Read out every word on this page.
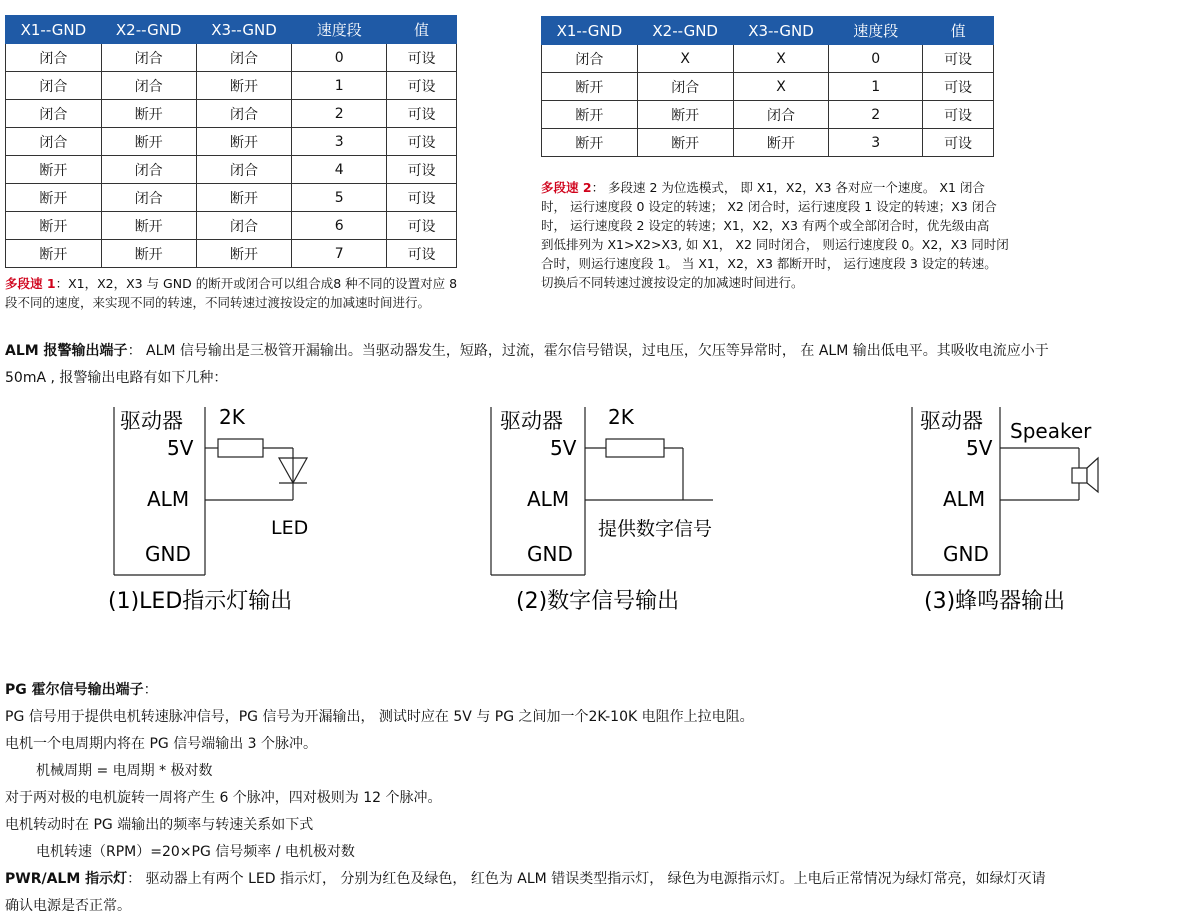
X1--GND	X2--GND	X3--GND	速度段	值
闭合	闭合	闭合	0	可设
闭合	闭合	断开	1	可设
闭合	断开	闭合	2	可设
闭合	断开	断开	3	可设
断开	闭合	闭合	4	可设
断开	闭合	断开	5	可设
断开	断开	闭合	6	可设
断开	断开	断开	7	可设
X1--GND	X2--GND	X3--GND	速度段	值
闭合	X	X	0	可设
断开	闭合	X	1	可设
断开	断开	闭合	2	可设
断开	断开	断开	3	可设
多段速 1：X1，X2，X3 与 GND 的断开或闭合可以组合成8 种不同的设置对应 8
段不同的速度，来实现不同的转速，不同转速过渡按设定的加减速时间进行。
多段速 2： 多段速 2 为位选模式， 即 X1，X2，X3 各对应一个速度。 X1 闭合
时， 运行速度段 0 设定的转速； X2 闭合时，运行速度段 1 设定的转速；X3 闭合
时， 运行速度段 2 设定的转速；X1，X2，X3 有两个或全部闭合时，优先级由高
到低排列为 X1>X2>X3, 如 X1， X2 同时闭合， 则运行速度段 0。X2，X3 同时闭
合时，则运行速度段 1。 当 X1，X2，X3 都断开时， 运行速度段 3 设定的转速。
切换后不同转速过渡按设定的加减速时间进行。
ALM 报警输出端子： ALM 信号输出是三极管开漏输出。当驱动器发生，短路，过流，霍尔信号错误，过电压，欠压等异常时， 在 ALM 输出低电平。其吸收电流应小于
50mA , 报警输出电路有如下几种：
驱动器
5V
ALM
GND
2K
LED
(1)LED指示灯输出
驱动器
5V
ALM
GND
2K
提供数字信号
(2)数字信号输出
驱动器
5V
ALM
GND
Speaker
(3)蜂鸣器输出
PG 霍尔信号输出端子：
PG 信号用于提供电机转速脉冲信号，PG 信号为开漏输出， 测试时应在 5V 与 PG 之间加一个2K-10K 电阻作上拉电阻。
电机一个电周期内将在 PG 信号端输出 3 个脉冲。
机械周期 = 电周期 * 极对数
对于两对极的电机旋转一周将产生 6 个脉冲，四对极则为 12 个脉冲。
电机转动时在 PG 端输出的频率与转速关系如下式
电机转速（RPM）=20×PG 信号频率 / 电机极对数
PWR/ALM 指示灯： 驱动器上有两个 LED 指示灯， 分别为红色及绿色， 红色为 ALM 错误类型指示灯， 绿色为电源指示灯。上电后正常情况为绿灯常亮，如绿灯灭请
确认电源是否正常。
